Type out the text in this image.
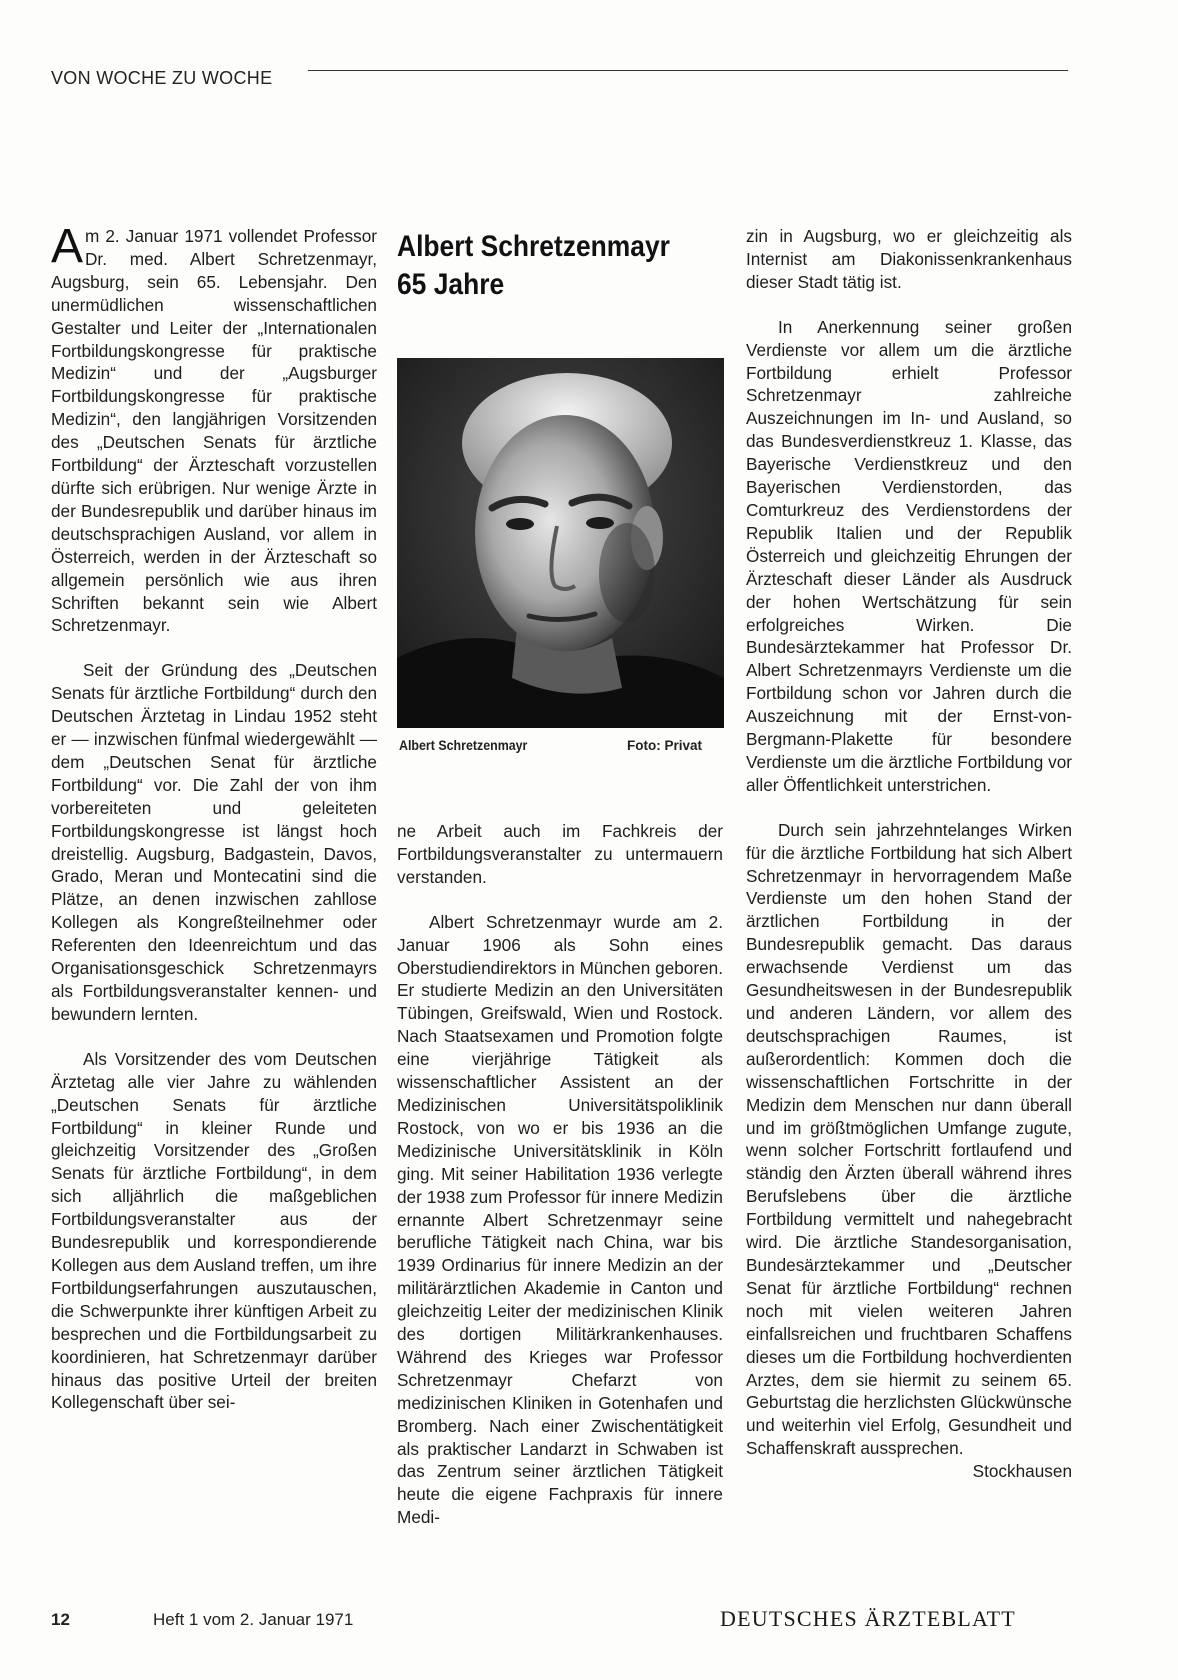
VON WOCHE ZU WOCHE

Am 2. Januar 1971 vollendet Professor Dr. med. Albert Schretzenmayr, Augsburg, sein 65. Lebensjahr. Den unermüdlichen wissenschaftlichen Gestalter und Leiter der „Internationalen Fortbildungskongresse für praktische Medizin“ und der „Augsburger Fortbildungskongresse für praktische Medizin“, den langjährigen Vorsitzenden des „Deutschen Senats für ärztliche Fortbildung“ der Ärzteschaft vorzustellen dürfte sich erübrigen. Nur wenige Ärzte in der Bundesrepublik und darüber hinaus im deutschsprachigen Ausland, vor allem in Österreich, werden in der Ärzteschaft so allgemein persönlich wie aus ihren Schriften bekannt sein wie Albert Schretzenmayr.

Seit der Gründung des „Deutschen Senats für ärztliche Fortbildung“ durch den Deutschen Ärztetag in Lindau 1952 steht er — inzwischen fünfmal wiedergewählt — dem „Deutschen Senat für ärztliche Fortbildung“ vor. Die Zahl der von ihm vorbereiteten und geleiteten Fortbildungskongresse ist längst hoch dreistellig. Augsburg, Badgastein, Davos, Grado, Meran und Montecatini sind die Plätze, an denen inzwischen zahllose Kollegen als Kongreßteilnehmer oder Referenten den Ideenreichtum und das Organisationsgeschick Schretzenmayrs als Fortbildungsveranstalter kennen- und bewundern lernten.

Als Vorsitzender des vom Deutschen Ärztetag alle vier Jahre zu wählenden „Deutschen Senats für ärztliche Fortbildung“ in kleiner Runde und gleichzeitig Vorsitzender des „Großen Senats für ärztliche Fortbildung“, in dem sich alljährlich die maßgeblichen Fortbildungsveranstalter aus der Bundesrepublik und korrespondierende Kollegen aus dem Ausland treffen, um ihre Fortbildungserfahrungen auszutauschen, die Schwerpunkte ihrer künftigen Arbeit zu besprechen und die Fortbildungsarbeit zu koordinieren, hat Schretzenmayr darüber hinaus das positive Urteil der breiten Kollegenschaft über sei-

Albert Schretzenmayr
65 Jahre
Albert Schretzenmayr	Foto: Privat

ne Arbeit auch im Fachkreis der Fortbildungsveranstalter zu untermauern verstanden.

Albert Schretzenmayr wurde am 2. Januar 1906 als Sohn eines Oberstudiendirektors in München geboren. Er studierte Medizin an den Universitäten Tübingen, Greifswald, Wien und Rostock. Nach Staatsexamen und Promotion folgte eine vierjährige Tätigkeit als wissenschaftlicher Assistent an der Medizinischen Universitätspoliklinik Rostock, von wo er bis 1936 an die Medizinische Universitätsklinik in Köln ging. Mit seiner Habilitation 1936 verlegte der 1938 zum Professor für innere Medizin ernannte Albert Schretzenmayr seine berufliche Tätigkeit nach China, war bis 1939 Ordinarius für innere Medizin an der militärärztlichen Akademie in Canton und gleichzeitig Leiter der medizinischen Klinik des dortigen Militärkrankenhauses. Während des Krieges war Professor Schretzenmayr Chefarzt von medizinischen Kliniken in Gotenhafen und Bromberg. Nach einer Zwischentätigkeit als praktischer Landarzt in Schwaben ist das Zentrum seiner ärztlichen Tätigkeit heute die eigene Fachpraxis für innere Medi-

zin in Augsburg, wo er gleichzeitig als Internist am Diakonissenkrankenhaus dieser Stadt tätig ist.

In Anerkennung seiner großen Verdienste vor allem um die ärztliche Fortbildung erhielt Professor Schretzenmayr zahlreiche Auszeichnungen im In- und Ausland, so das Bundesverdienstkreuz 1. Klasse, das Bayerische Verdienstkreuz und den Bayerischen Verdienstorden, das Comturkreuz des Verdienstordens der Republik Italien und der Republik Österreich und gleichzeitig Ehrungen der Ärzteschaft dieser Länder als Ausdruck der hohen Wertschätzung für sein erfolgreiches Wirken. Die Bundesärztekammer hat Professor Dr. Albert Schretzenmayrs Verdienste um die Fortbildung schon vor Jahren durch die Auszeichnung mit der Ernst-von-Bergmann-Plakette für besondere Verdienste um die ärztliche Fortbildung vor aller Öffentlichkeit unterstrichen.

Durch sein jahrzehntelanges Wirken für die ärztliche Fortbildung hat sich Albert Schretzenmayr in hervorragendem Maße Verdienste um den hohen Stand der ärztlichen Fortbildung in der Bundesrepublik gemacht. Das daraus erwachsende Verdienst um das Gesundheitswesen in der Bundesrepublik und anderen Ländern, vor allem des deutschsprachigen Raumes, ist außerordentlich: Kommen doch die wissenschaftlichen Fortschritte in der Medizin dem Menschen nur dann überall und im größtmöglichen Umfange zugute, wenn solcher Fortschritt fortlaufend und ständig den Ärzten überall während ihres Berufslebens über die ärztliche Fortbildung vermittelt und nahegebracht wird. Die ärztliche Standesorganisation, Bundesärztekammer und „Deutscher Senat für ärztliche Fortbildung“ rechnen noch mit vielen weiteren Jahren einfallsreichen und fruchtbaren Schaffens dieses um die Fortbildung hochverdienten Arztes, dem sie hiermit zu seinem 65. Geburtstag die herzlichsten Glückwünsche und weiterhin viel Erfolg, Gesundheit und Schaffenskraft aussprechen.
Stockhausen

12	Heft 1 vom 2. Januar 1971	DEUTSCHES ÄRZTEBLATT
